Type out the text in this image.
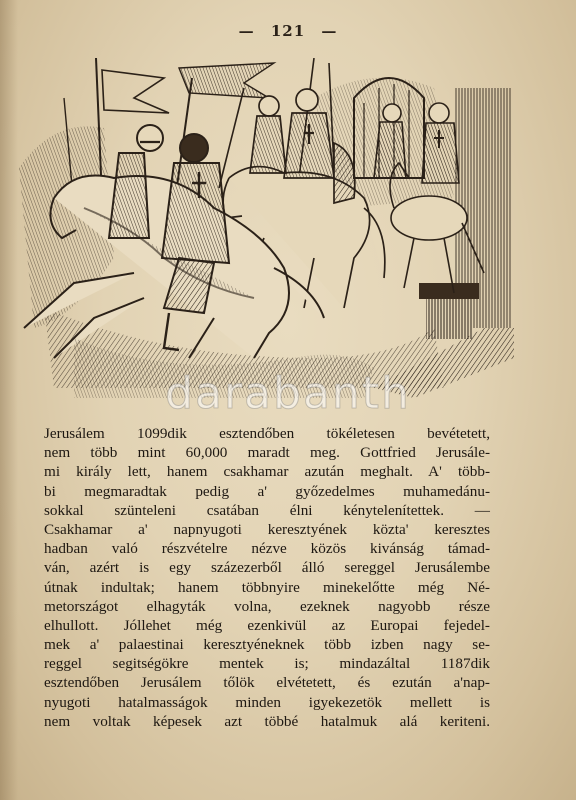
— 121 —
darabanth
Jerusálem 1099dik esztendőben tökéletesen bevétetett,
nem több mint 60,000 maradt meg. Gottfried Jerusále-
mi király lett, hanem csakhamar azután meghalt. A' több-
bi megmaradtak pedig a' győzedelmes muhamedánu-
sokkal szünteleni csatában élni kénytelenítettek. —
Csakhamar a' napnyugoti keresztyének közta' keresztes
hadban való részvételre nézve közös kivánság támad-
ván, azért is egy százezerből álló sereggel Jerusálembe
útnak indultak; hanem többnyire minekelőtte még Né-
metországot elhagyták volna, ezeknek nagyobb része
elhullott. Jóllehet még ezenkivül az Europai fejedel-
mek a' palaestinai keresztyéneknek több izben nagy se-
reggel segitségökre mentek is; mindazáltal 1187dik
esztendőben Jerusálem tőlök elvétetett, és ezután a'nap-
nyugoti hatalmasságok minden igyekezetök mellett is
nem voltak képesek azt többé hatalmuk alá keriteni.
